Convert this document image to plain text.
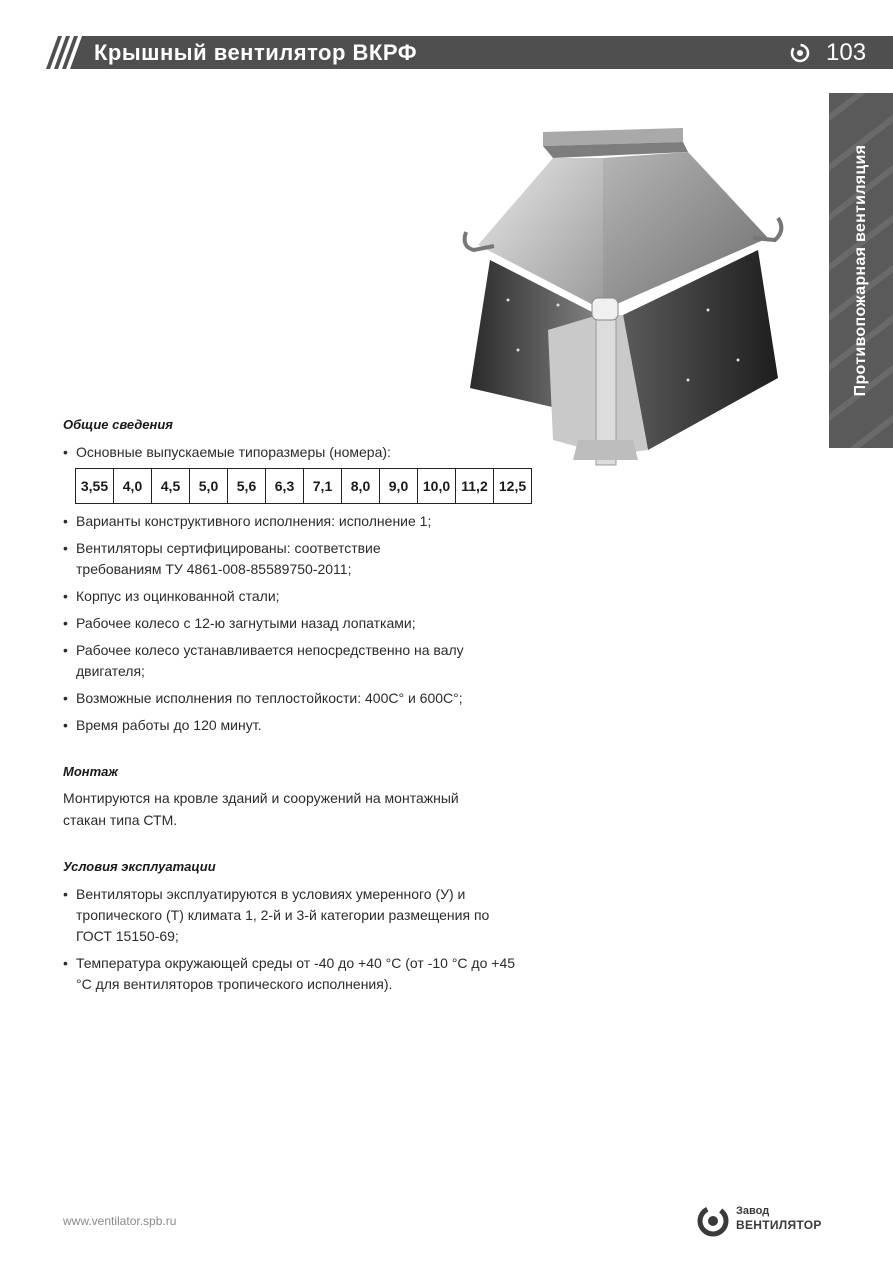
Крышный вентилятор ВКРФ	103
Противопожарная вентиляция
Общие сведения
• Основные выпускаемые типоразмеры (номера):
3,55	4,0	4,5	5,0	5,6	6,3	7,1	8,0	9,0	10,0	11,2	12,5
• Варианты конструктивного исполнения: исполнение 1;
• Вентиляторы сертифицированы: соответствие требованиям ТУ 4861-008-85589750-2011;
• Корпус из оцинкованной стали;
• Рабочее колесо с 12-ю загнутыми назад лопатками;
• Рабочее колесо устанавливается непосредственно на валу двигателя;
• Возможные исполнения по теплостойкости: 400С° и 600С°;
• Время работы до 120 минут.
Монтаж

Монтируются на кровле зданий и сооружений на монтажный стакан типа СТМ.

Условия эксплуатации
• Вентиляторы эксплуатируются в условиях умеренного (У) и тропического (Т) климата 1, 2-й и 3-й категории размещения по ГОСТ 15150-69;
• Температура окружающей среды от -40 до +40 °С (от -10 °С до +45 °С для вентиляторов тропического исполнения).
www.ventilator.spb.ru
Завод
ВЕНТИЛЯТОР
